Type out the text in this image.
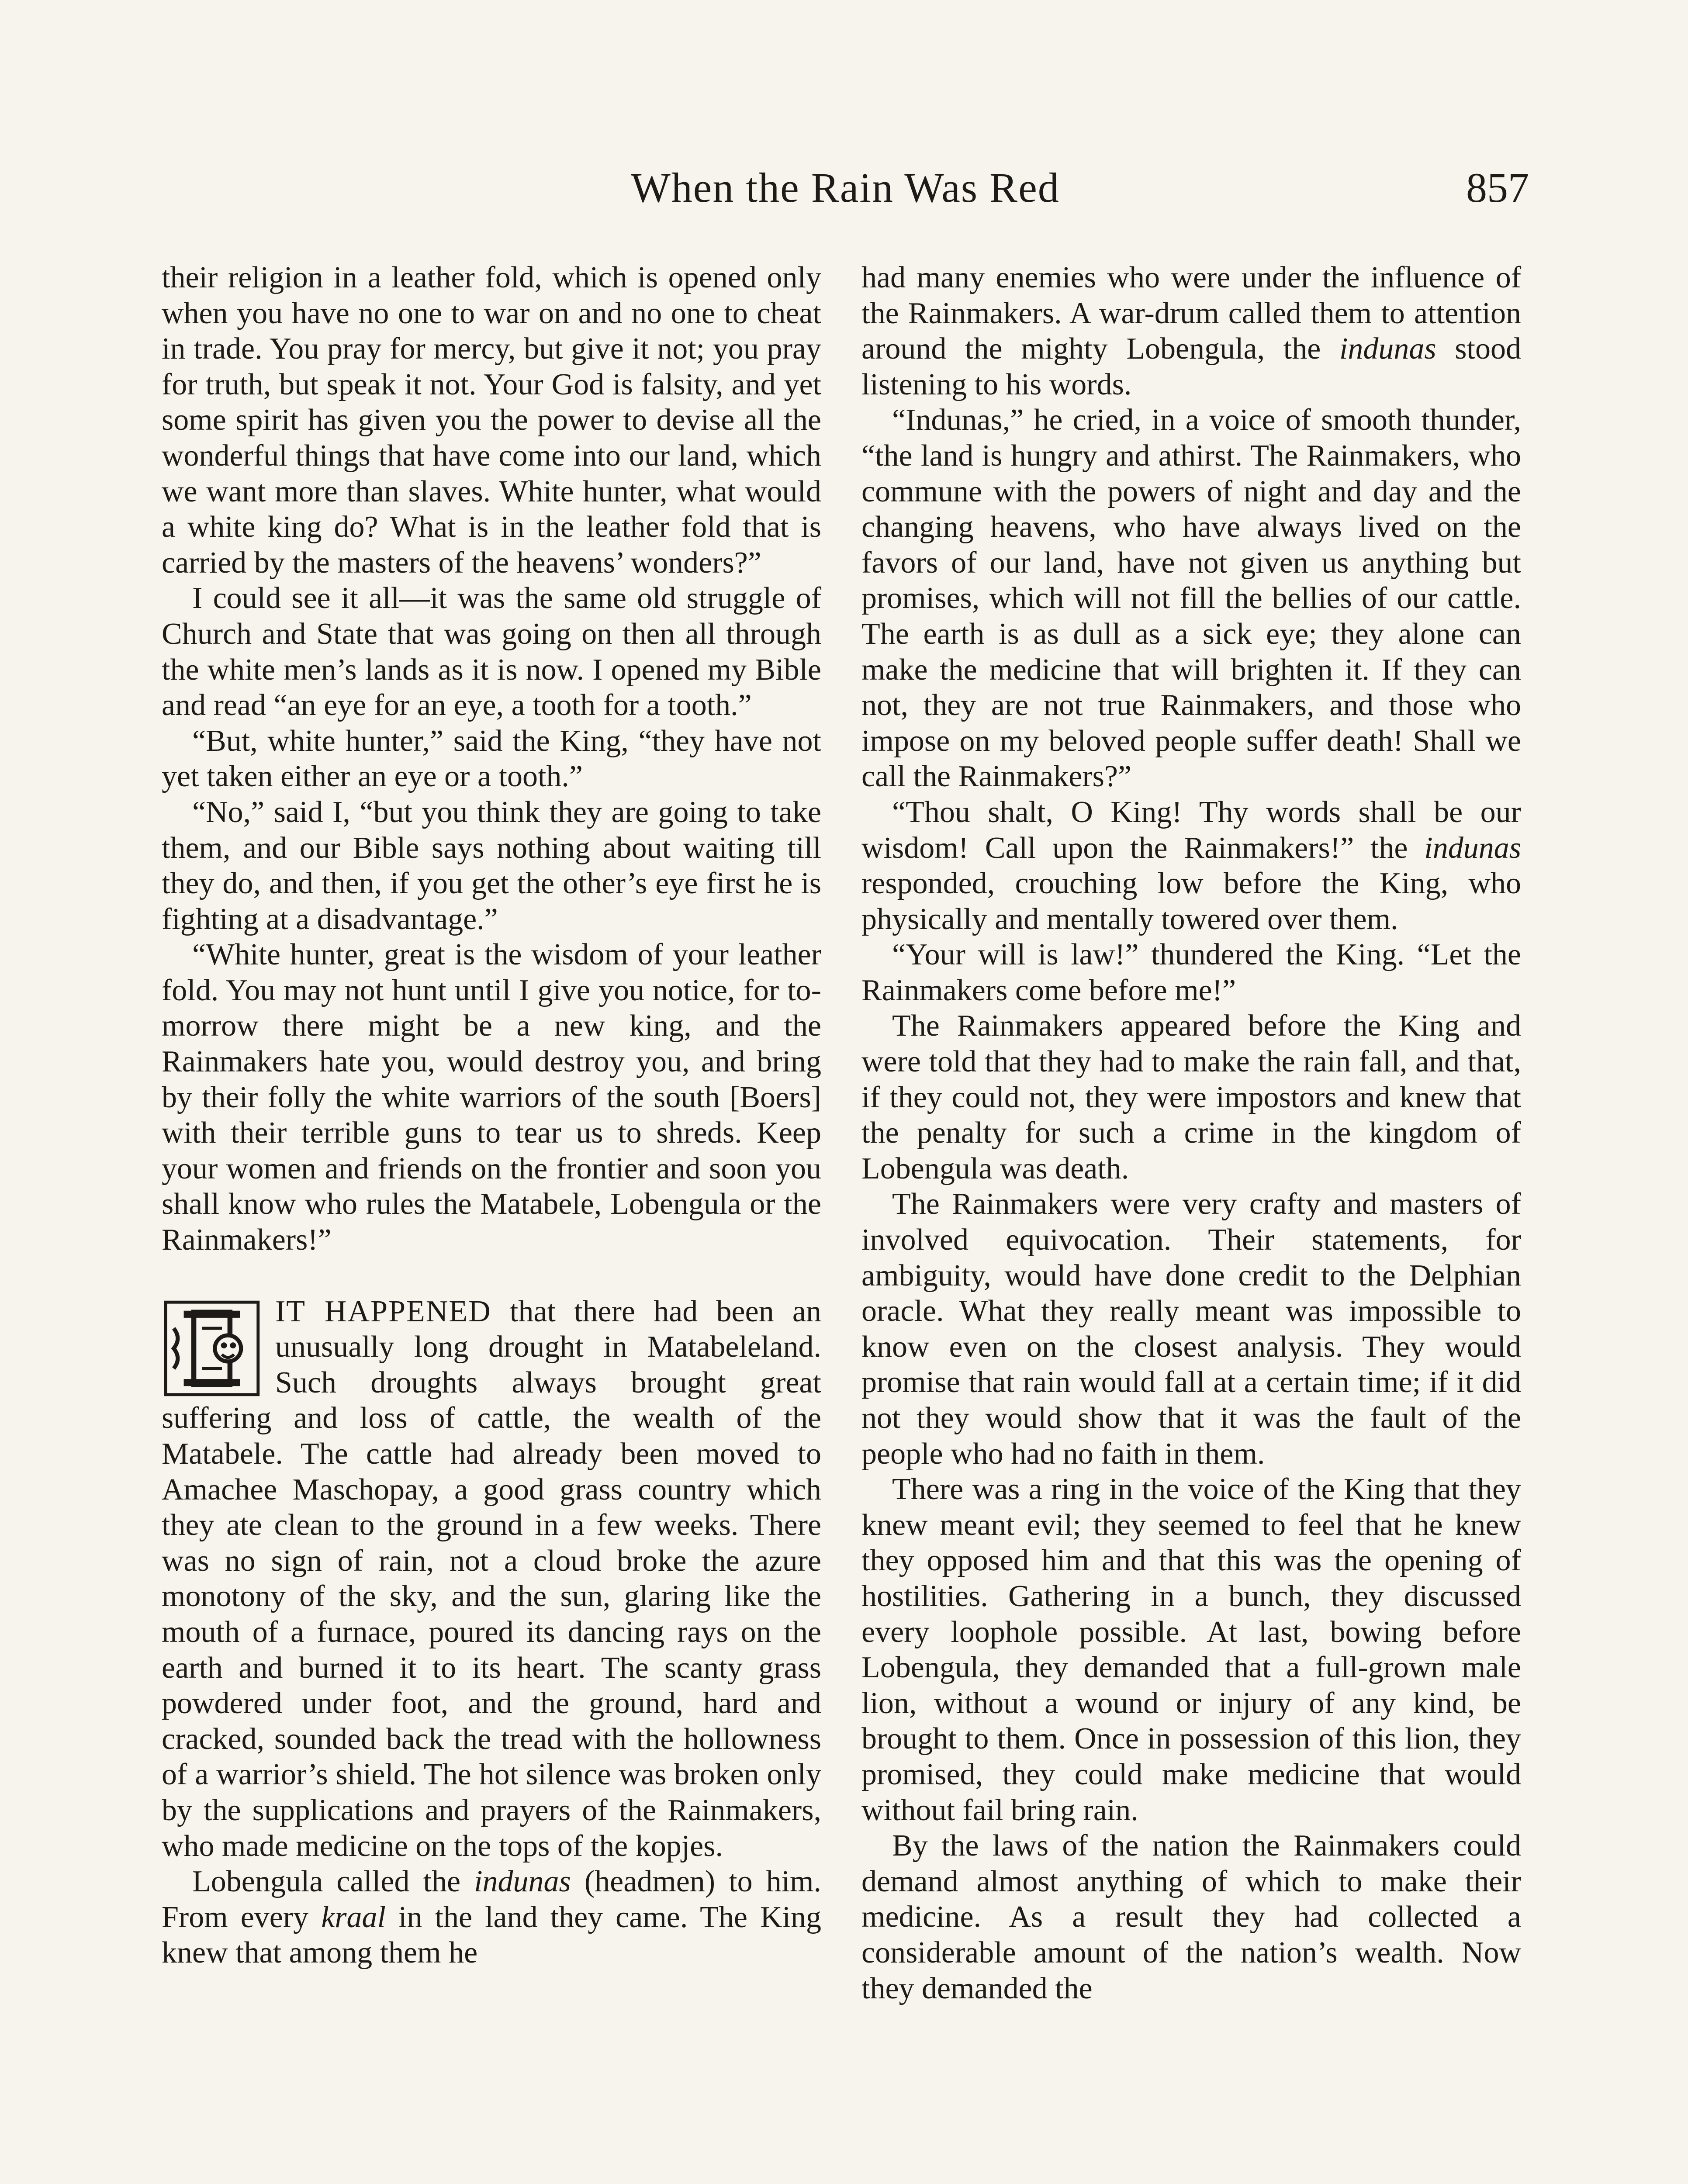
When the Rain Was Red	857

their religion in a leather fold, which is opened only when you have no one to war on and no one to cheat in trade. You pray for mercy, but give it not; you pray for truth, but speak it not. Your God is falsity, and yet some spirit has given you the power to devise all the wonderful things that have come into our land, which we want more than slaves. White hunter, what would a white king do? What is in the leather fold that is carried by the masters of the heavens’ wonders?”

I could see it all—it was the same old struggle of Church and State that was going on then all through the white men’s lands as it is now. I opened my Bible and read “an eye for an eye, a tooth for a tooth.”

“But, white hunter,” said the King, “they have not yet taken either an eye or a tooth.”

“No,” said I, “but you think they are going to take them, and our Bible says nothing about waiting till they do, and then, if you get the other’s eye first he is fighting at a disadvantage.”

“White hunter, great is the wisdom of your leather fold. You may not hunt until I give you notice, for to-morrow there might be a new king, and the Rainmakers hate you, would destroy you, and bring by their folly the white warriors of the south [Boers] with their terrible guns to tear us to shreds. Keep your women and friends on the frontier and soon you shall know who rules the Matabele, Lobengula or the Rainmakers!”

IT HAPPENED that there had been an unusually long drought in Matabeleland. Such droughts always brought great suffering and loss of cattle, the wealth of the Matabele. The cattle had already been moved to Amachee Maschopay, a good grass country which they ate clean to the ground in a few weeks. There was no sign of rain, not a cloud broke the azure monotony of the sky, and the sun, glaring like the mouth of a furnace, poured its dancing rays on the earth and burned it to its heart. The scanty grass powdered under foot, and the ground, hard and cracked, sounded back the tread with the hollowness of a warrior’s shield. The hot silence was broken only by the supplications and prayers of the Rainmakers, who made medicine on the tops of the kopjes.

Lobengula called the indunas (headmen) to him. From every kraal in the land they came. The King knew that among them he

had many enemies who were under the influence of the Rainmakers. A war-drum called them to attention around the mighty Lobengula, the indunas stood listening to his words.

“Indunas,” he cried, in a voice of smooth thunder, “the land is hungry and athirst. The Rainmakers, who commune with the powers of night and day and the changing heavens, who have always lived on the favors of our land, have not given us anything but promises, which will not fill the bellies of our cattle. The earth is as dull as a sick eye; they alone can make the medicine that will brighten it. If they can not, they are not true Rainmakers, and those who impose on my beloved people suffer death! Shall we call the Rainmakers?”

“Thou shalt, O King! Thy words shall be our wisdom! Call upon the Rainmakers!” the indunas responded, crouching low before the King, who physically and mentally towered over them.

“Your will is law!” thundered the King. “Let the Rainmakers come before me!”

The Rainmakers appeared before the King and were told that they had to make the rain fall, and that, if they could not, they were impostors and knew that the penalty for such a crime in the kingdom of Lobengula was death.

The Rainmakers were very crafty and masters of involved equivocation. Their statements, for ambiguity, would have done credit to the Delphian oracle. What they really meant was impossible to know even on the closest analysis. They would promise that rain would fall at a certain time; if it did not they would show that it was the fault of the people who had no faith in them.

There was a ring in the voice of the King that they knew meant evil; they seemed to feel that he knew they opposed him and that this was the opening of hostilities. Gathering in a bunch, they discussed every loophole possible. At last, bowing before Lobengula, they demanded that a full-grown male lion, without a wound or injury of any kind, be brought to them. Once in possession of this lion, they promised, they could make medicine that would without fail bring rain.

By the laws of the nation the Rainmakers could demand almost anything of which to make their medicine. As a result they had collected a considerable amount of the nation’s wealth. Now they demanded the
